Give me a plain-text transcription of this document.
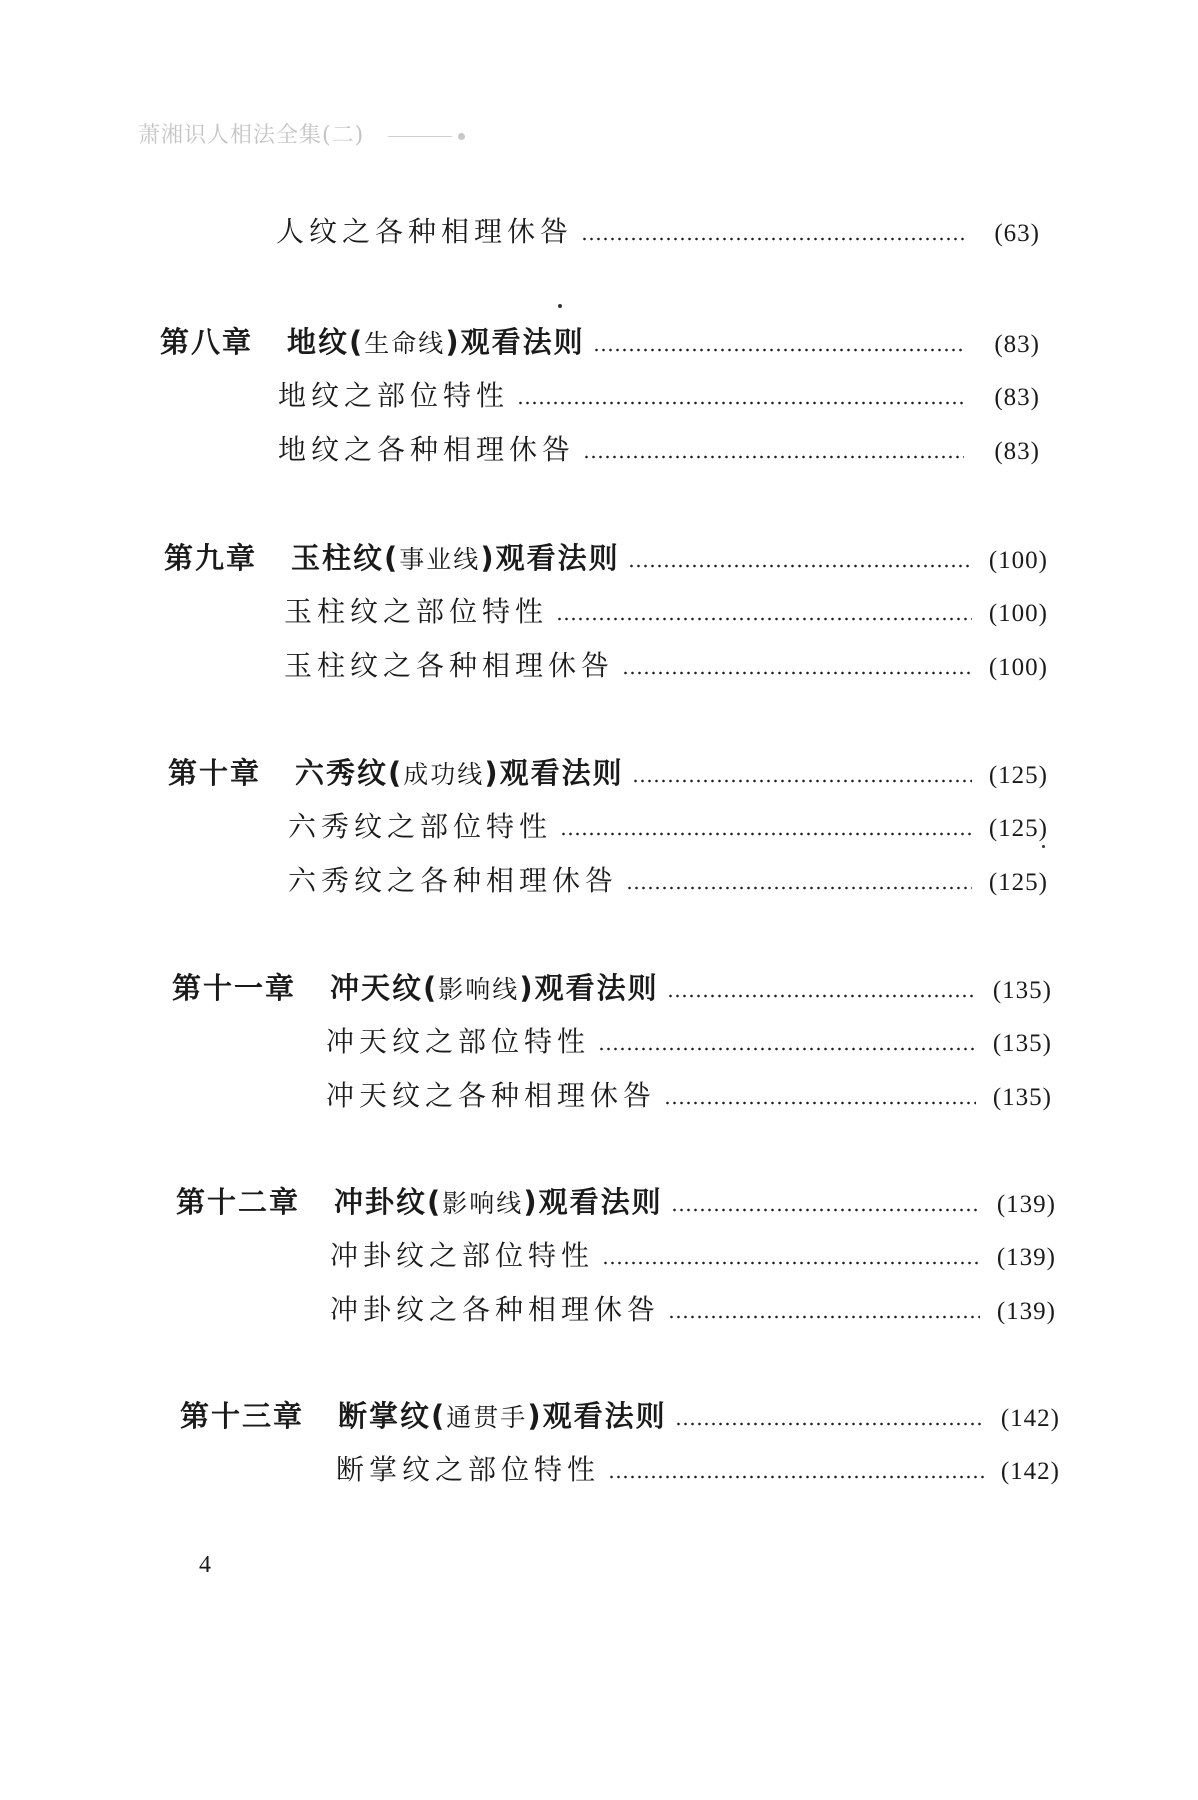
萧湘识人相法全集(二)
人纹之各种相理休咎	(63)
第八章 地纹(生命线)观看法则	(83)
地纹之部位特性	(83)
地纹之各种相理休咎	(83)
第九章 玉柱纹(事业线)观看法则	(100)
玉柱纹之部位特性	(100)
玉柱纹之各种相理休咎	(100)
第十章 六秀纹(成功线)观看法则	(125)
六秀纹之部位特性	(125)
六秀纹之各种相理休咎	(125)
第十一章 冲天纹(影响线)观看法则	(135)
冲天纹之部位特性	(135)
冲天纹之各种相理休咎	(135)
第十二章 冲卦纹(影响线)观看法则	(139)
冲卦纹之部位特性	(139)
冲卦纹之各种相理休咎	(139)
第十三章 断掌纹(通贯手)观看法则	(142)
断掌纹之部位特性	(142)
4
